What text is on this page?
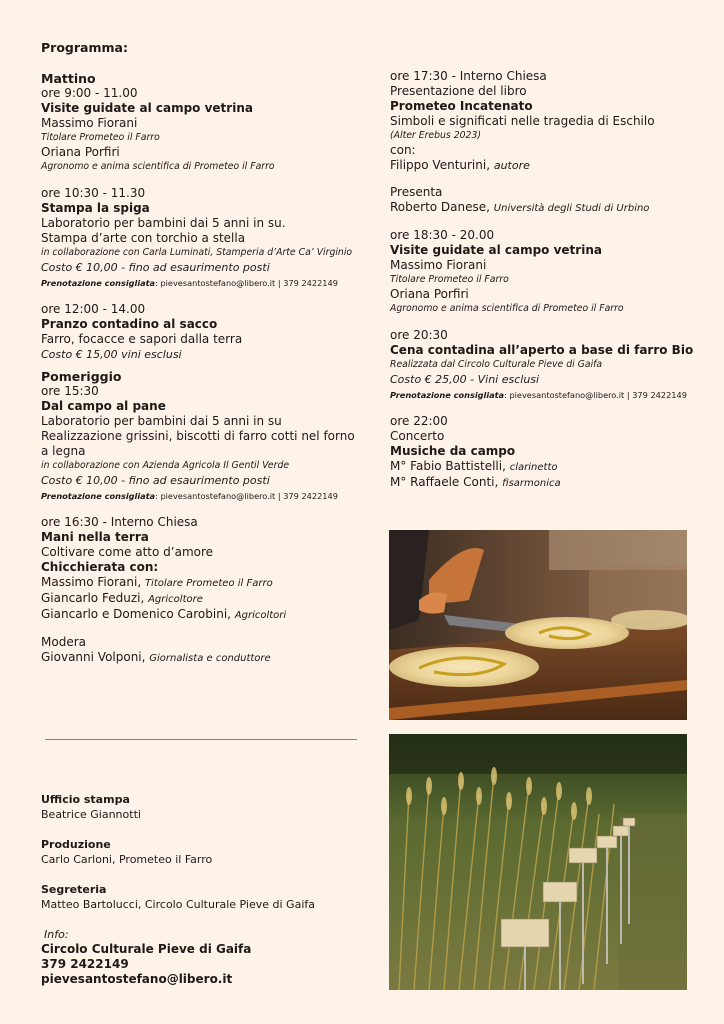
Programma:
Mattino
ore 9:00 - 11.00
Visite guidate al campo vetrina
Massimo Fiorani
Titolare Prometeo il Farro
Oriana Porfiri
Agronomo e anima scientifica di Prometeo il Farro
ore 10:30 - 11.30
Stampa la spiga
Laboratorio per bambini dai 5 anni in su.
Stampa d’arte con torchio a stella
in collaborazione con Carla Luminati, Stamperia d’Arte Ca’ Virginio
Costo € 10,00 - fino ad esaurimento posti
Prenotazione consigliata: pievesantostefano@libero.it | 379 2422149
ore 12:00 - 14.00
Pranzo contadino al sacco
Farro, focacce e sapori dalla terra
Costo € 15,00 vini esclusi
Pomeriggio
ore 15:30
Dal campo al pane
Laboratorio per bambini dai 5 anni in su
Realizzazione grissini, biscotti di farro cotti nel forno a legna
in collaborazione con Azienda Agricola Il Gentil Verde
Costo € 10,00 - fino ad esaurimento posti
Prenotazione consigliata: pievesantostefano@libero.it | 379 2422149
ore 16:30 - Interno Chiesa
Mani nella terra
Coltivare come atto d’amore
Chicchierata con:
Massimo Fiorani, Titolare Prometeo il Farro
Giancarlo Feduzi, Agricoltore
Giancarlo e Domenico Carobini, Agricoltori
Modera
Giovanni Volponi, Giornalista e conduttore
ore 17:30 - Interno Chiesa
Presentazione del libro
Prometeo Incatenato
Simboli e significati nelle tragedia di Eschilo
(Alter Erebus 2023)
con:
Filippo Venturini, autore
Presenta
Roberto Danese, Università degli Studi di Urbino
ore 18:30 - 20.00
Visite guidate al campo vetrina
Massimo Fiorani
Titolare Prometeo il Farro
Oriana Porfiri
Agronomo e anima scientifica di Prometeo il Farro
ore 20:30
Cena contadina all’aperto a base di farro Bio
Realizzata dal Circolo Culturale Pieve di Gaifa
Costo € 25,00 - Vini esclusi
Prenotazione consigliata: pievesantostefano@libero.it | 379 2422149
ore 22:00
Concerto
Musiche da campo
M° Fabio Battistelli, clarinetto
M° Raffaele Conti, fisarmonica
Ufficio stampa
Beatrice Giannotti
Produzione
Carlo Carloni, Prometeo il Farro
Segreteria
Matteo Bartolucci, Circolo Culturale Pieve di Gaifa
Info:
Circolo Culturale Pieve di Gaifa
379 2422149
pievesantostefano@libero.it
